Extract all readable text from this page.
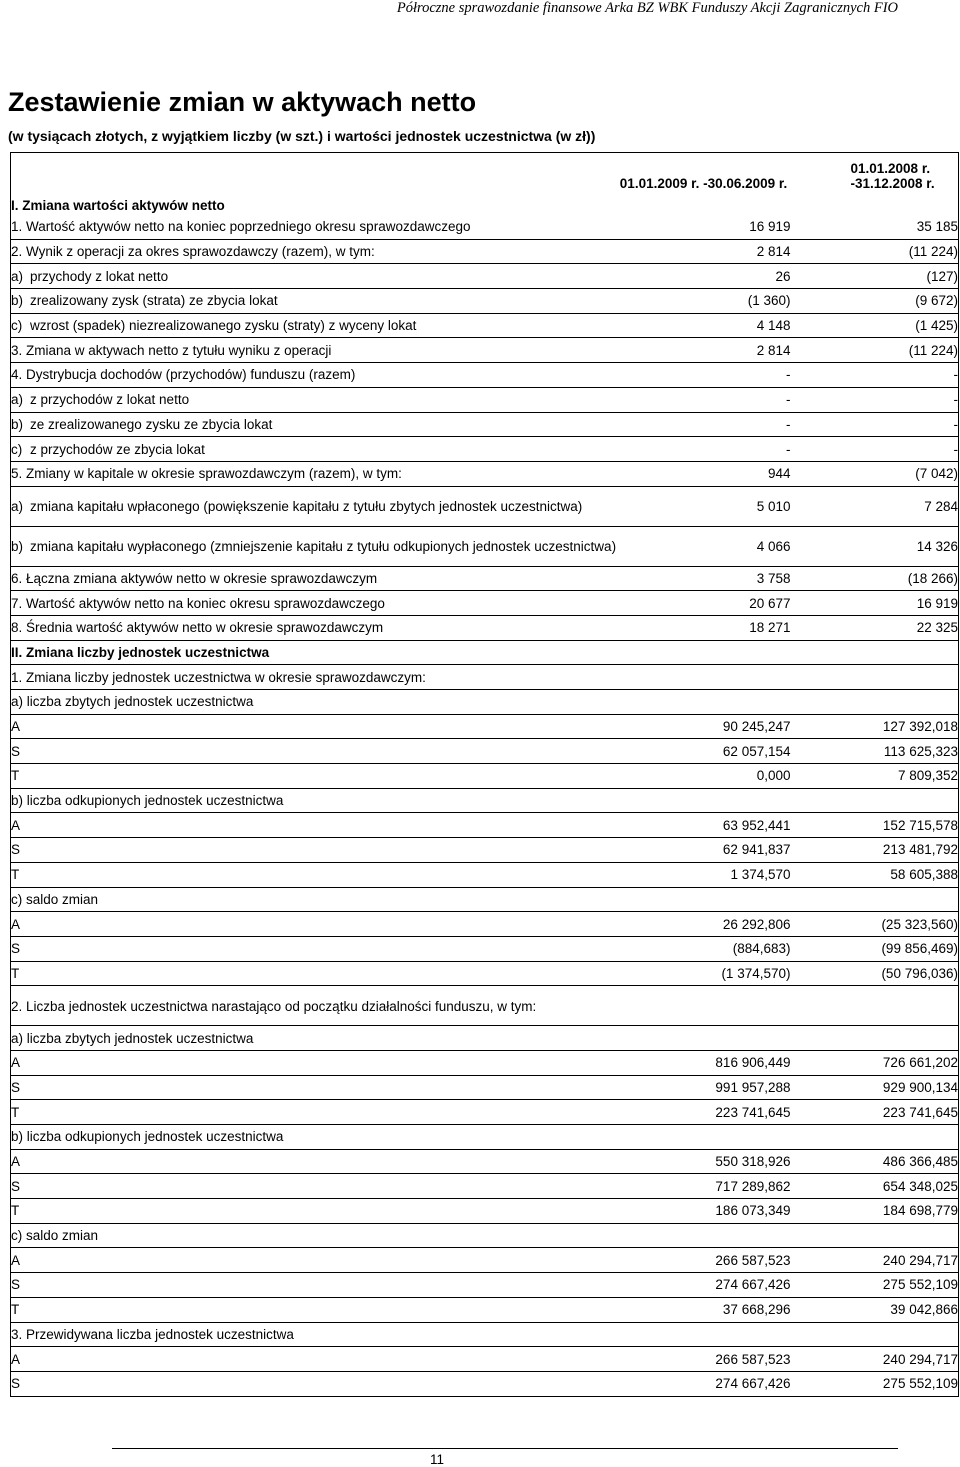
Półroczne sprawozdanie finansowe Arka BZ WBK Funduszy Akcji Zagranicznych FIO
Zestawienie zmian w aktywach netto
(w tysiącach złotych, z wyjątkiem liczby (w szt.) i wartości jednostek uczestnictwa (w zł))
I. Zmiana wartości aktywów netto	01.01.2009 r. -30.06.2009 r.	01.01.2008 r. -31.12.2008 r.

1. Wartość aktywów netto na koniec poprzedniego okresu sprawozdawczego	16 919	35 185
2. Wynik z operacji za okres sprawozdawczy (razem), w tym:	2 814	(11 224)

a) przychody z lokat netto	26	(127)

b) zrealizowany zysk (strata) ze zbycia lokat	(1 360)	(9 672)

c) wzrost (spadek) niezrealizowanego zysku (straty) z wyceny lokat	4 148	(1 425)
3. Zmiana w aktywach netto z tytułu wyniku z operacji	2 814	(11 224)
4. Dystrybucja dochodów (przychodów) funduszu (razem)	-	-

a) z przychodów z lokat netto	-	-

b) ze zrealizowanego zysku ze zbycia lokat	-	-

c) z przychodów ze zbycia lokat	-	-
5. Zmiany w kapitale w okresie sprawozdawczym (razem), w tym:	944	(7 042)

a) zmiana kapitału wpłaconego (powiększenie kapitału z tytułu zbytych jednostek uczestnictwa)	5 010	7 284

b) zmiana kapitału wypłaconego (zmniejszenie kapitału z tytułu odkupionych jednostek uczestnictwa)	4 066	14 326
6. Łączna zmiana aktywów netto w okresie sprawozdawczym	3 758	(18 266)
7. Wartość aktywów netto na koniec okresu sprawozdawczego	20 677	16 919
8. Średnia wartość aktywów netto w okresie sprawozdawczym	18 271	22 325
II. Zmiana liczby jednostek uczestnictwa		
1. Zmiana liczby jednostek uczestnictwa w okresie sprawozdawczym:		
a) liczba zbytych jednostek uczestnictwa		
A	90 245,247	127 392,018
S	62 057,154	113 625,323
T	0,000	7 809,352
b) liczba odkupionych jednostek uczestnictwa		
A	63 952,441	152 715,578
S	62 941,837	213 481,792
T	1 374,570	58 605,388
c) saldo zmian		
A	26 292,806	(25 323,560)
S	(884,683)	(99 856,469)
T	(1 374,570)	(50 796,036)
2. Liczba jednostek uczestnictwa narastająco od początku działalności funduszu, w tym:		
a) liczba zbytych jednostek uczestnictwa		
A	816 906,449	726 661,202
S	991 957,288	929 900,134
T	223 741,645	223 741,645
b) liczba odkupionych jednostek uczestnictwa		
A	550 318,926	486 366,485
S	717 289,862	654 348,025
T	186 073,349	184 698,779
c) saldo zmian		
A	266 587,523	240 294,717
S	274 667,426	275 552,109
T	37 668,296	39 042,866
3. Przewidywana liczba jednostek uczestnictwa		
A	266 587,523	240 294,717
S	274 667,426	275 552,109
11
